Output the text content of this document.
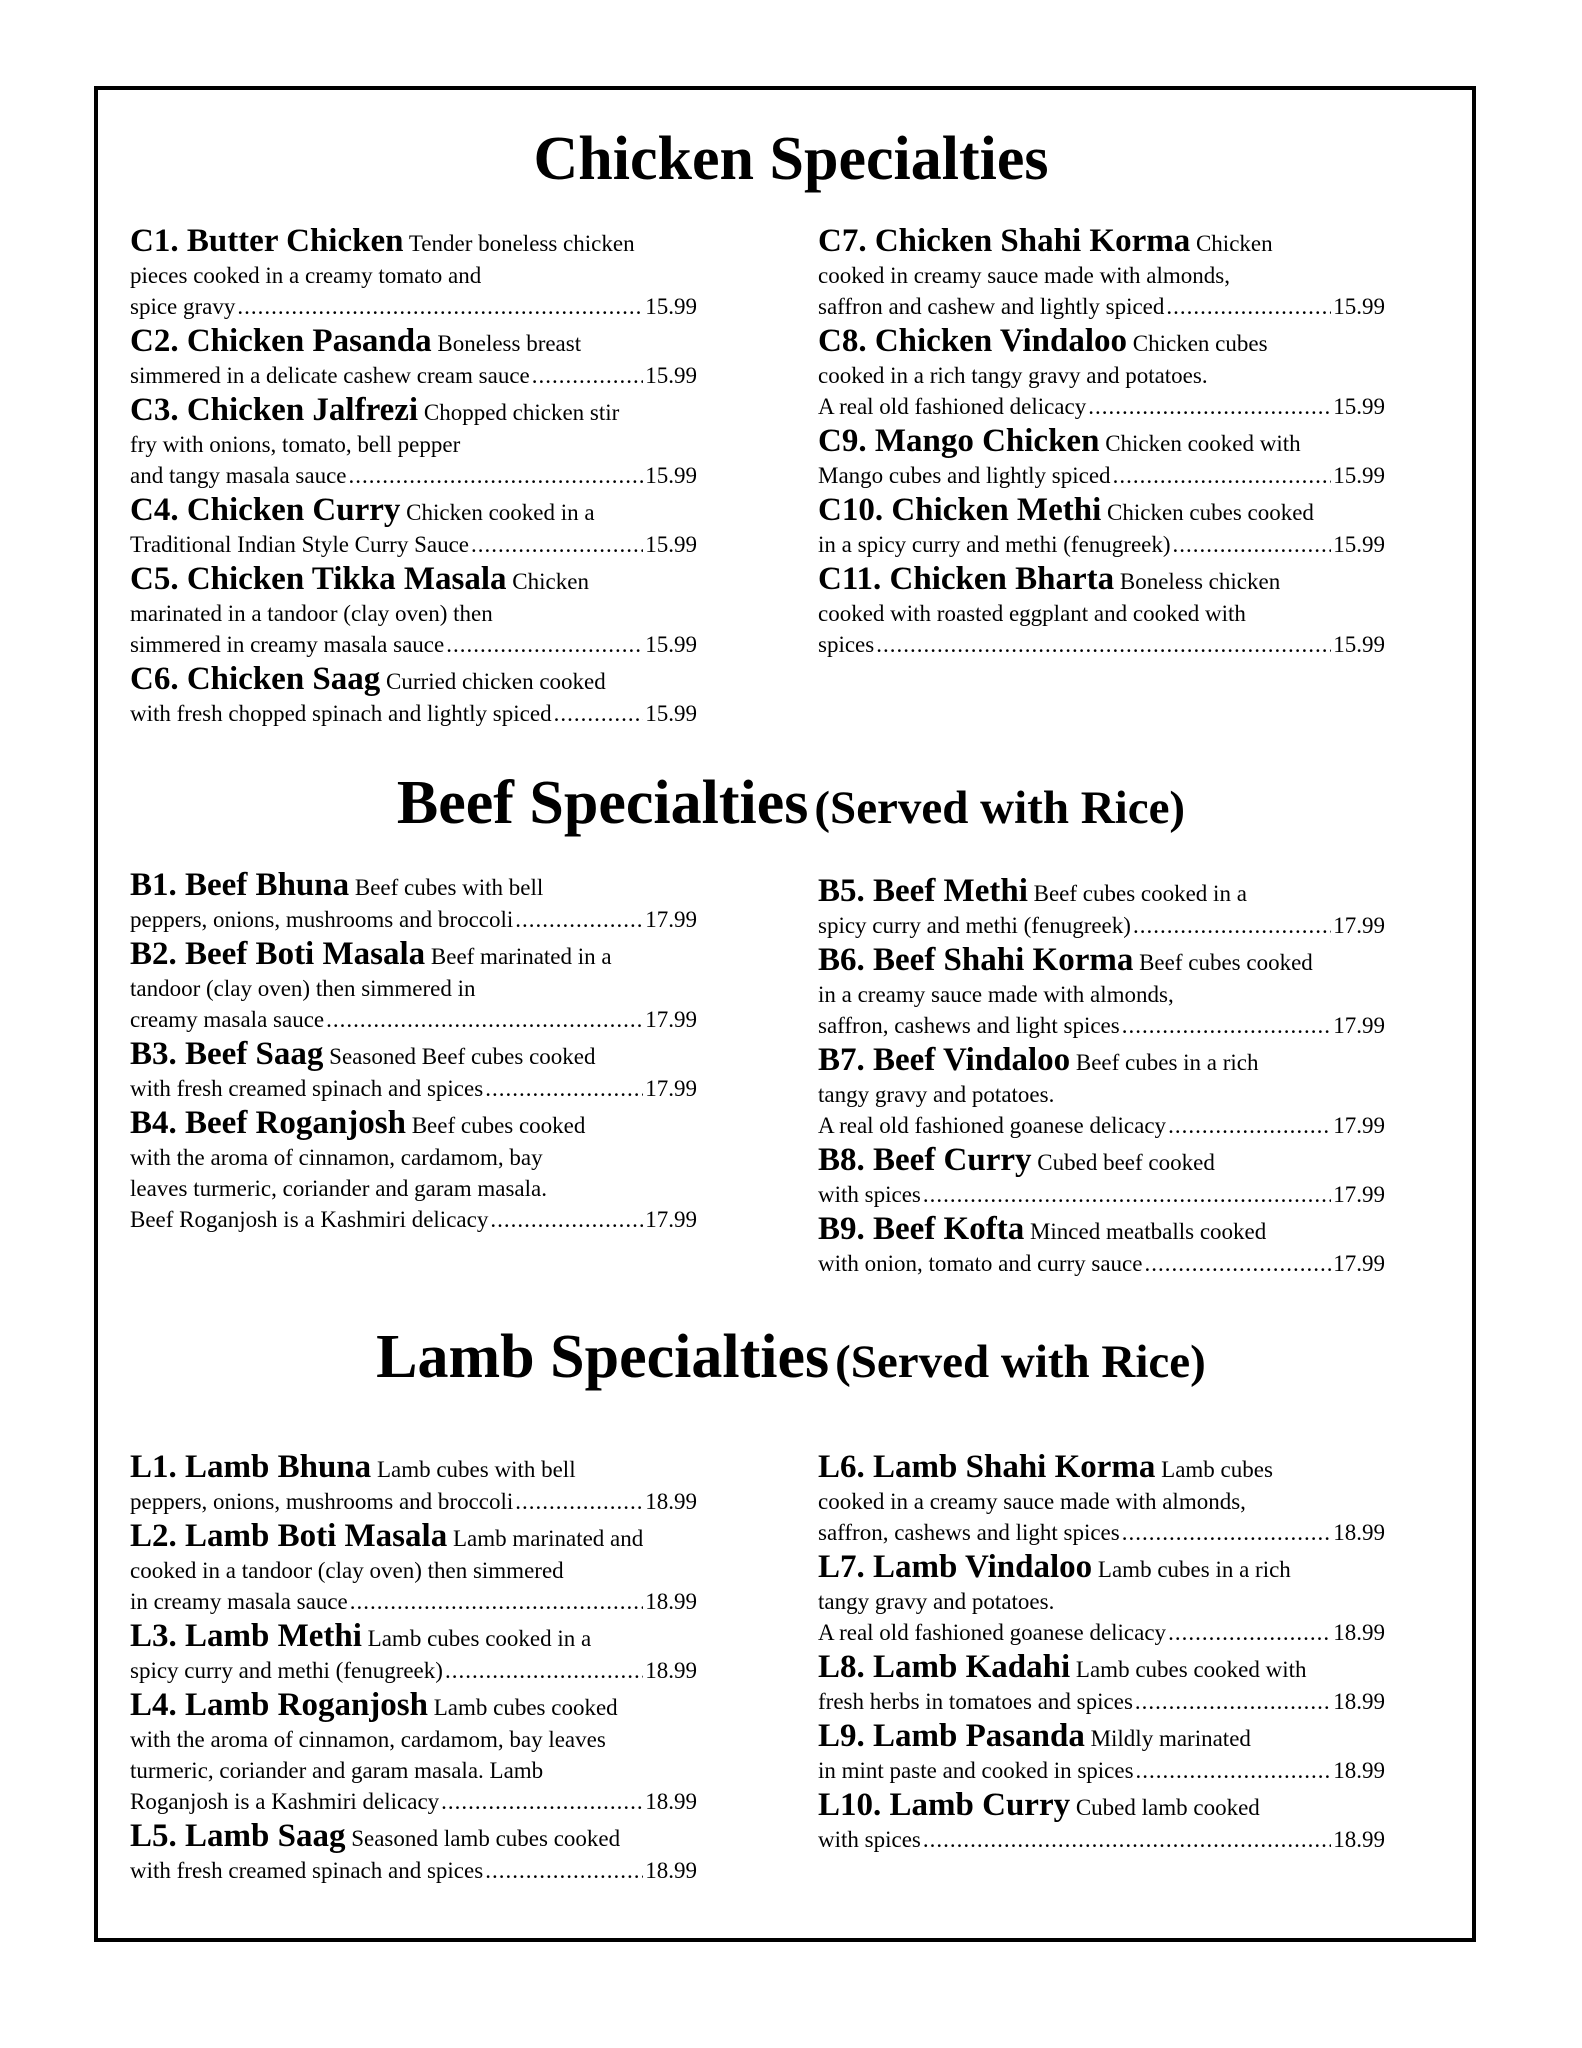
Chicken Specialties
C1. Butter Chicken Tender boneless chicken
pieces cooked in a creamy tomato and
spice gravy .....	15.99
C2. Chicken Pasanda Boneless breast
simmered in a delicate cashew cream sauce .....	15.99
C3. Chicken Jalfrezi Chopped chicken stir
fry with onions, tomato, bell pepper
and tangy masala sauce .....	15.99
C4. Chicken Curry Chicken cooked in a
Traditional Indian Style Curry Sauce .....	15.99
C5. Chicken Tikka Masala Chicken
marinated in a tandoor (clay oven) then
simmered in creamy masala sauce .....	15.99
C6. Chicken Saag Curried chicken cooked
with fresh chopped spinach and lightly spiced .....	15.99
C7. Chicken Shahi Korma Chicken
cooked in creamy sauce made with almonds,
saffron and cashew and lightly spiced .....	15.99
C8. Chicken Vindaloo Chicken cubes
cooked in a rich tangy gravy and potatoes.
A real old fashioned delicacy .....	15.99
C9. Mango Chicken Chicken cooked with
Mango cubes and lightly spiced .....	15.99
C10. Chicken Methi Chicken cubes cooked
in a spicy curry and methi (fenugreek) .....	15.99
C11. Chicken Bharta Boneless chicken
cooked with roasted eggplant and cooked with
spices .....	15.99
Beef Specialties (Served with Rice)
B1. Beef Bhuna Beef cubes with bell
peppers, onions, mushrooms and broccoli .....	17.99
B2. Beef Boti Masala Beef marinated in a
tandoor (clay oven) then simmered in
creamy masala sauce .....	17.99
B3. Beef Saag Seasoned Beef cubes cooked
with fresh creamed spinach and spices .....	17.99
B4. Beef Roganjosh Beef cubes cooked
with the aroma of cinnamon, cardamom, bay
leaves turmeric, coriander and garam masala.
Beef Roganjosh is a Kashmiri delicacy .....	17.99
B5. Beef Methi Beef cubes cooked in a
spicy curry and methi (fenugreek) .....	17.99
B6. Beef Shahi Korma Beef cubes cooked
in a creamy sauce made with almonds,
saffron, cashews and light spices .....	17.99
B7. Beef Vindaloo Beef cubes in a rich
tangy gravy and potatoes.
A real old fashioned goanese delicacy .....	17.99
B8. Beef Curry Cubed beef cooked
with spices .....	17.99
B9. Beef Kofta Minced meatballs cooked
with onion, tomato and curry sauce .....	17.99
Lamb Specialties (Served with Rice)
L1. Lamb Bhuna Lamb cubes with bell
peppers, onions, mushrooms and broccoli .....	18.99
L2. Lamb Boti Masala Lamb marinated and
cooked in a tandoor (clay oven) then simmered
in creamy masala sauce .....	18.99
L3. Lamb Methi Lamb cubes cooked in a
spicy curry and methi (fenugreek) .....	18.99
L4. Lamb Roganjosh Lamb cubes cooked
with the aroma of cinnamon, cardamom, bay leaves
turmeric, coriander and garam masala. Lamb
Roganjosh is a Kashmiri delicacy .....	18.99
L5. Lamb Saag Seasoned lamb cubes cooked
with fresh creamed spinach and spices .....	18.99
L6. Lamb Shahi Korma Lamb cubes
cooked in a creamy sauce made with almonds,
saffron, cashews and light spices .....	18.99
L7. Lamb Vindaloo Lamb cubes in a rich
tangy gravy and potatoes.
A real old fashioned goanese delicacy .....	18.99
L8. Lamb Kadahi Lamb cubes cooked with
fresh herbs in tomatoes and spices .....	18.99
L9. Lamb Pasanda Mildly marinated
in mint paste and cooked in spices .....	18.99
L10. Lamb Curry Cubed lamb cooked
with spices .....	18.99
